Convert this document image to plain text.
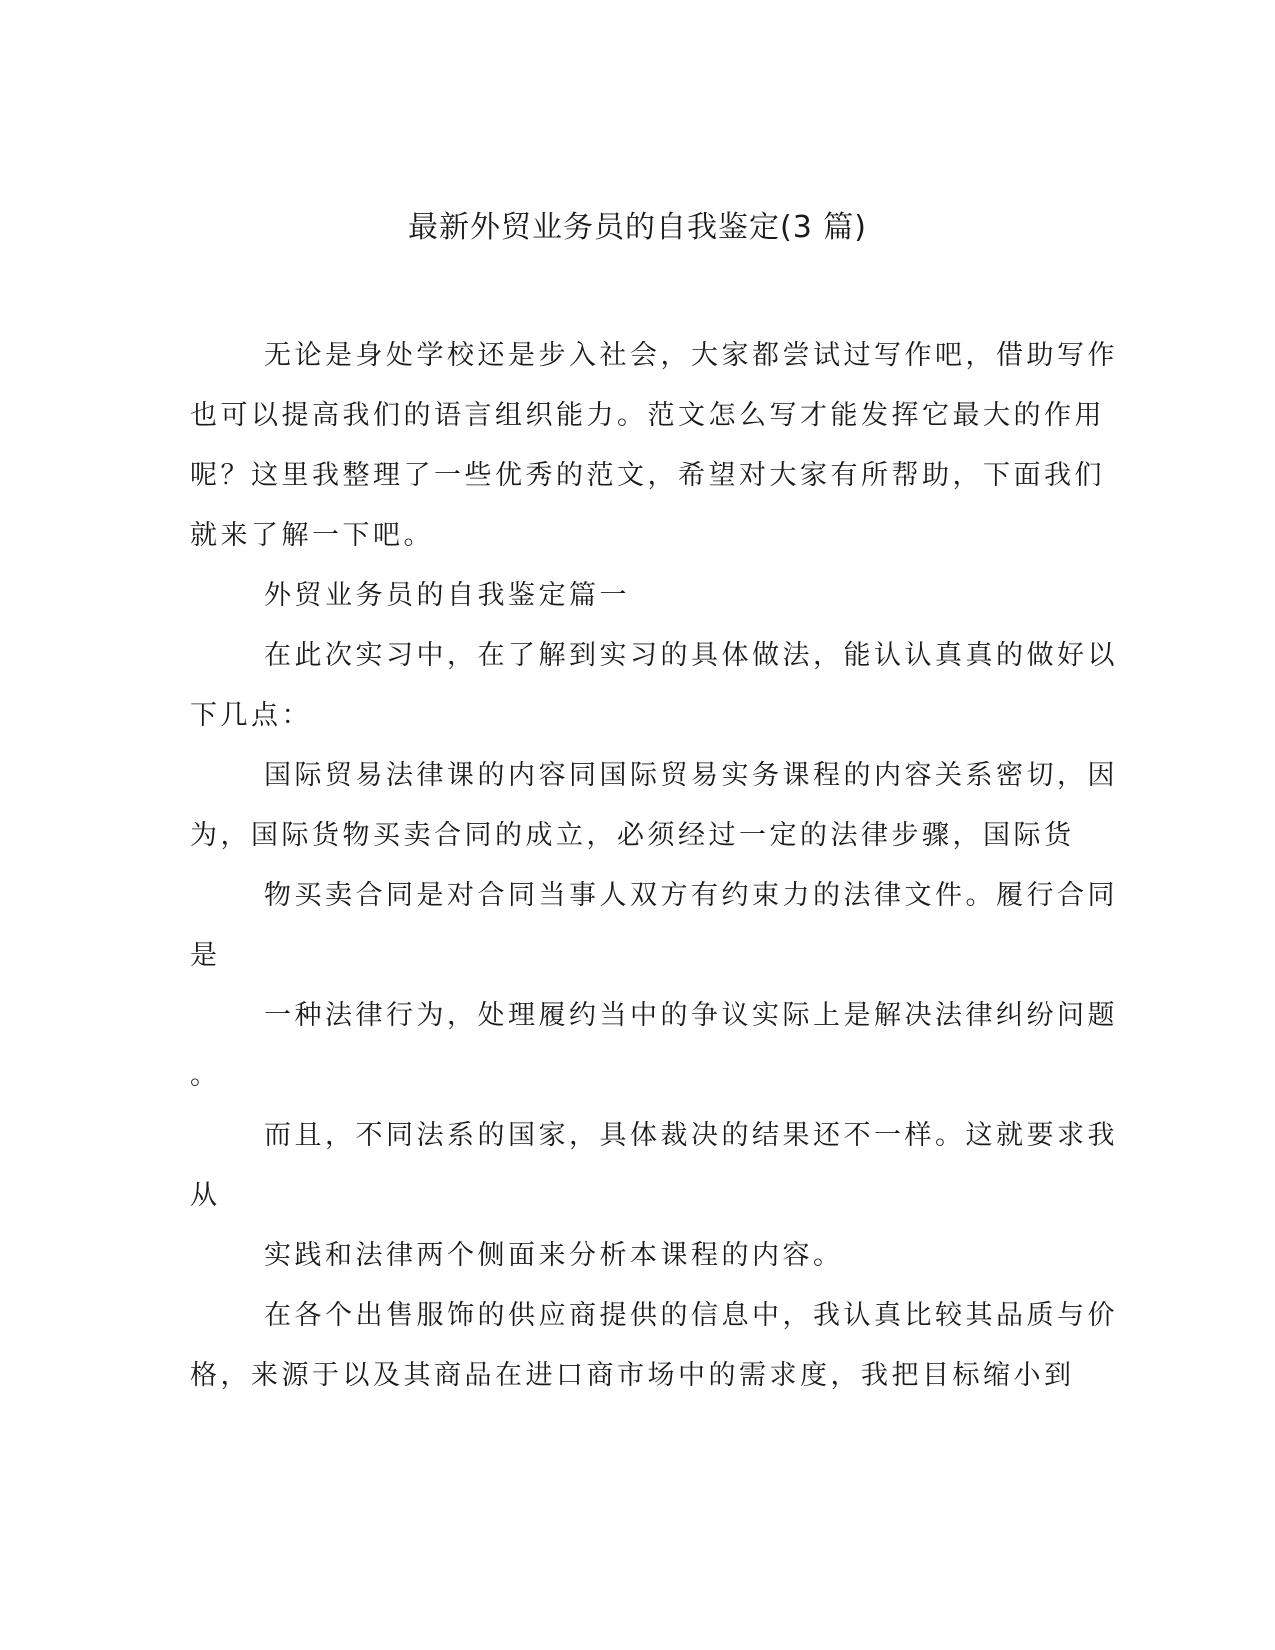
最新外贸业务员的自我鉴定(3 篇)

无论是身处学校还是步入社会，大家都尝试过写作吧，借助写作

也可以提高我们的语言组织能力。范文怎么写才能发挥它最大的作用

呢？这里我整理了一些优秀的范文，希望对大家有所帮助，下面我们

就来了解一下吧。

外贸业务员的自我鉴定篇一

在此次实习中，在了解到实习的具体做法，能认认真真的做好以

下几点：

国际贸易法律课的内容同国际贸易实务课程的内容关系密切，因

为，国际货物买卖合同的成立，必须经过一定的法律步骤，国际货

物买卖合同是对合同当事人双方有约束力的法律文件。履行合同

是

一种法律行为，处理履约当中的争议实际上是解决法律纠纷问题

。

而且，不同法系的国家，具体裁决的结果还不一样。这就要求我

从

实践和法律两个侧面来分析本课程的内容。

在各个出售服饰的供应商提供的信息中，我认真比较其品质与价

格，来源于以及其商品在进口商市场中的需求度，我把目标缩小到
